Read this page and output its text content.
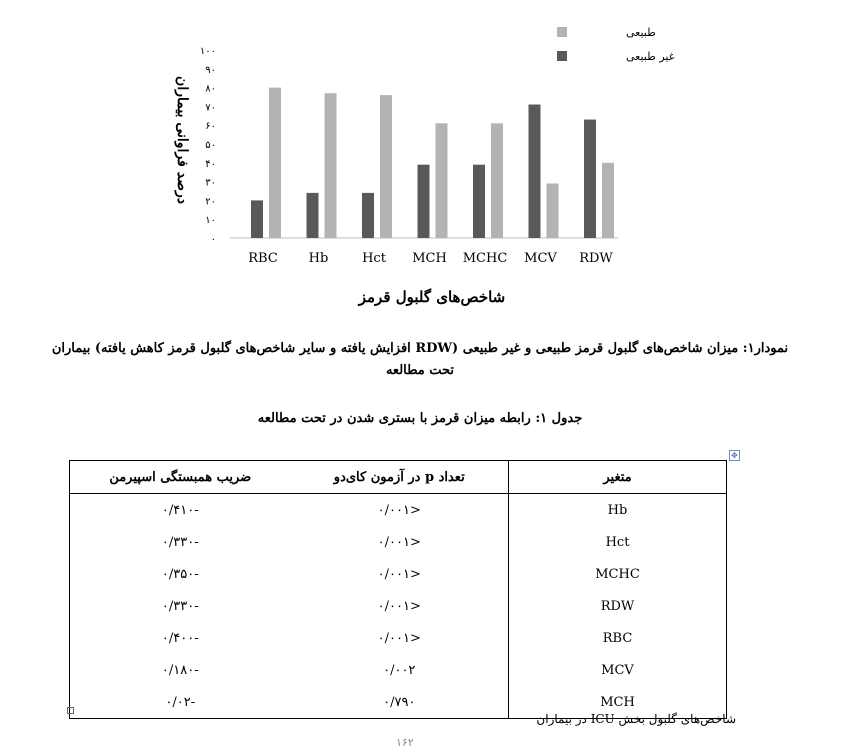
۰
۱۰
۲۰
۳۰
۴۰
۵۰
۶۰
۷۰
۸۰
۹۰
۱۰۰
RBC Hb	Hct MCH MCHC MCV RDW
درصد فراوانی بیماران
شاخص‌های گلبول قرمز
طبیعی
غیر طبیعی
نمودار۱: میزان شاخص‌های گلبول قرمز طبیعی و غیر طبیعی (RDW افزایش یافته و سایر شاخص‌های گلبول قرمز کاهش یافته) بیماران تحت مطالعه
جدول ۱: رابطه میزان قرمز با بستری شدن در تحت مطالعه
✥
متغیر	تعداد p در آزمون کای‌دو	ضریب همبستگی اسپیرمن
Hb	<۰/۰۰۱	-۰/۴۱۰
Hct	<۰/۰۰۱	-۰/۳۳۰
MCHC	<۰/۰۰۱	-۰/۳۵۰
RDW	<۰/۰۰۱	-۰/۳۳۰
RBC	<۰/۰۰۱	-۰/۴۰۰
MCV	۰/۰۰۲	-۰/۱۸۰
MCH	۰/۷۹۰	-۰/۰۲
شاخص‌های گلبول بخش ICU در بیماران
۱۶۲
